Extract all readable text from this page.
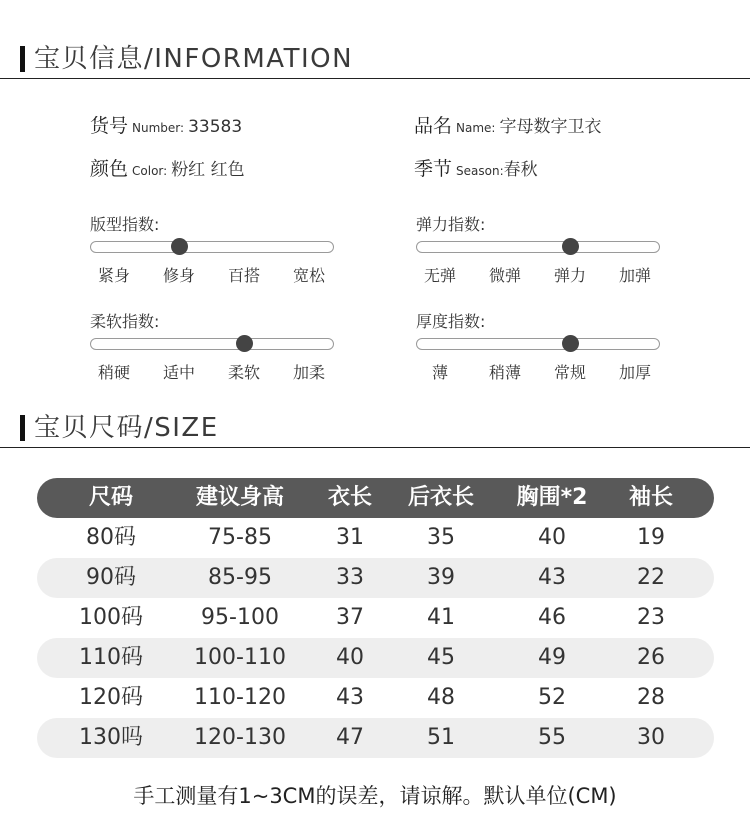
宝贝信息/INFORMATION
货号 Number: 33583	品名 Name: 字母数字卫衣
颜色 Color: 粉红 红色	季节 Season:春秋
版型指数:
紧身	修身	百搭	宽松
弹力指数:
无弹	微弹	弹力	加弹
柔软指数:
稍硬	适中	柔软	加柔
厚度指数:
薄	稍薄	常规	加厚
宝贝尺码/SIZE
尺码	建议身高	衣长	后衣长	胸围*2	袖长
80码	75-85	31	35	40	19
90码	85-95	33	39	43	22
100码	95-100	37	41	46	23
110码	100-110	40	45	49	26
120码	110-120	43	48	52	28
130吗	120-130	47	51	55	30
手工测量有1~3CM的误差，请谅解。默认单位(CM)
